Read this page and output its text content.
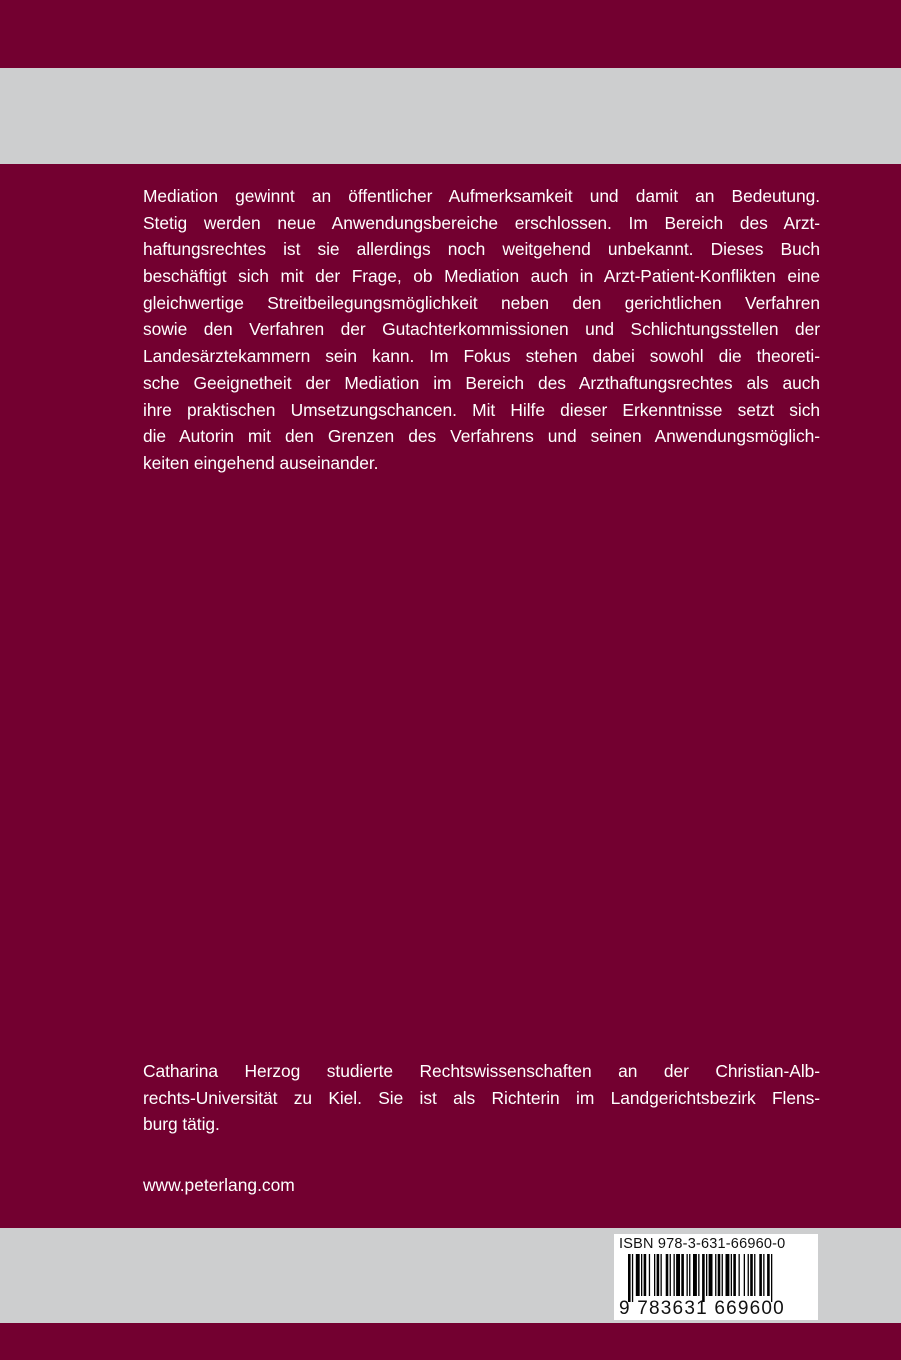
Mediation gewinnt an öffentlicher Aufmerksamkeit und damit an Bedeutung.
Stetig werden neue Anwendungsbereiche erschlossen. Im Bereich des Arzt-
haftungsrechtes ist sie allerdings noch weitgehend unbekannt. Dieses Buch
beschäftigt sich mit der Frage, ob Mediation auch in Arzt-Patient-Konflikten eine
gleichwertige Streitbeilegungsmöglichkeit neben den gerichtlichen Verfahren
sowie den Verfahren der Gutachterkommissionen und Schlichtungsstellen der
Landesärztekammern sein kann. Im Fokus stehen dabei sowohl die theoreti-
sche Geeignetheit der Mediation im Bereich des Arzthaftungsrechtes als auch
ihre praktischen Umsetzungschancen. Mit Hilfe dieser Erkenntnisse setzt sich
die Autorin mit den Grenzen des Verfahrens und seinen Anwendungsmöglich-
keiten eingehend auseinander.
Catharina Herzog studierte Rechtswissenschaften an der Christian-Alb-
rechts-Universität zu Kiel. Sie ist als Richterin im Landgerichtsbezirk Flens-
burg tätig.
www.peterlang.com
ISBN 978-3-631-66960-0
9 783631 669600
